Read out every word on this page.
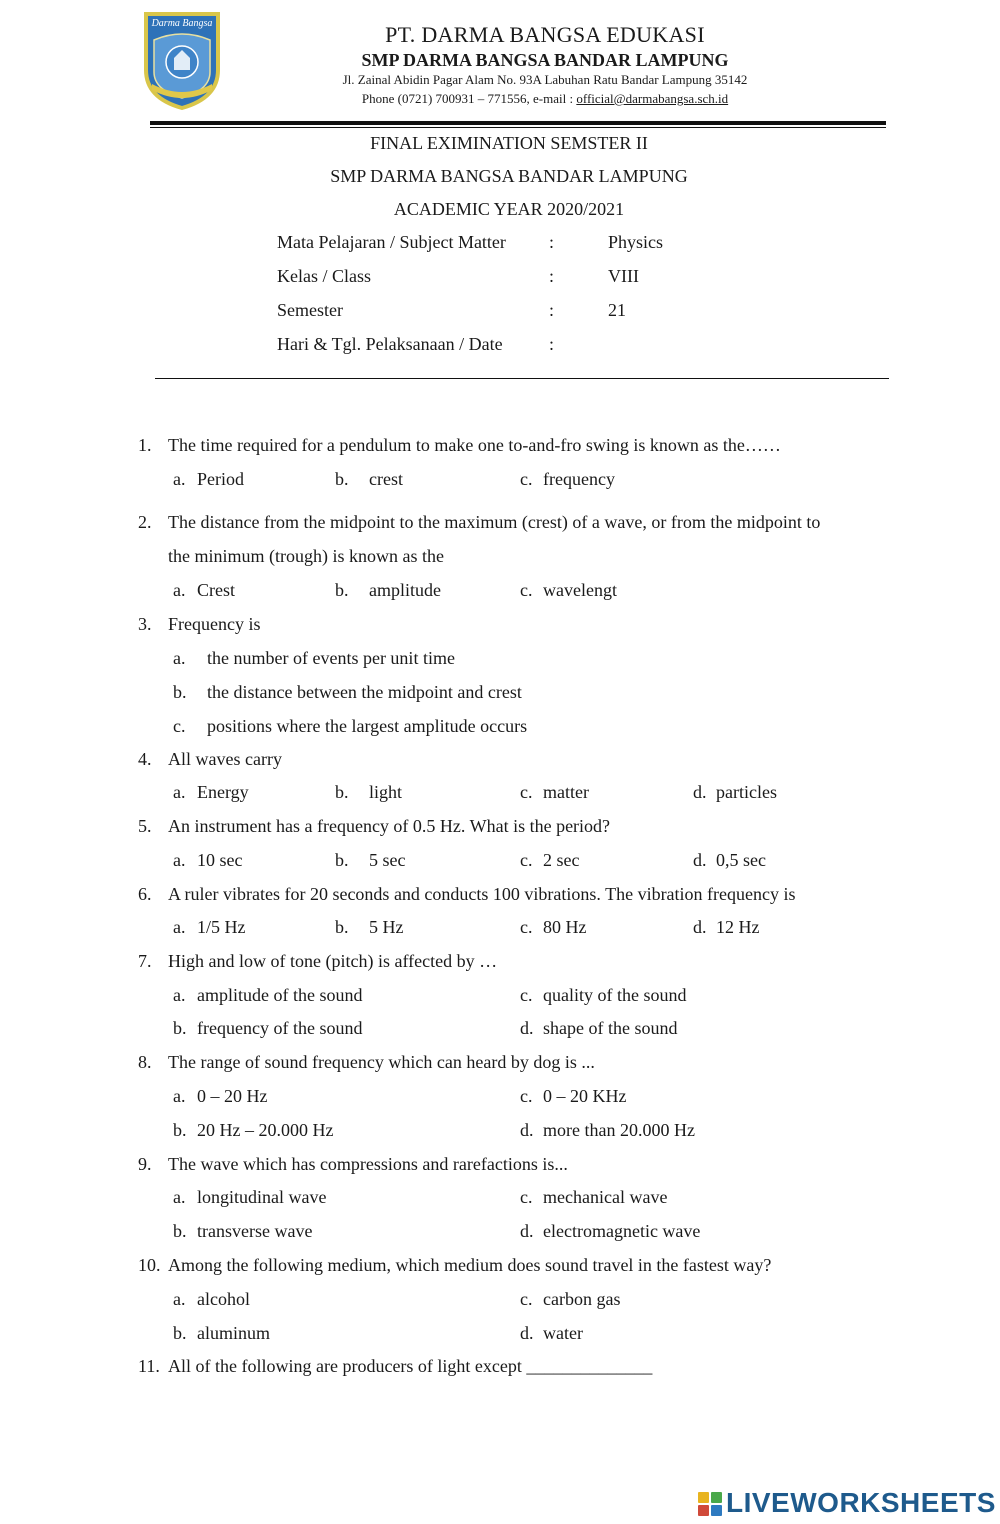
Darma Bangsa	PT. DARMA BANGSA EDUKASI
SMP DARMA BANGSA BANDAR LAMPUNG
Jl. Zainal Abidin Pagar Alam No. 93A Labuhan Ratu Bandar Lampung 35142
Phone (0721) 700931 – 771556, e-mail : official@darmabangsa.sch.id
FINAL EXIMINATION SEMSTER II
SMP DARMA BANGSA BANDAR LAMPUNG
ACADEMIC YEAR 2020/2021
Mata Pelajaran / Subject Matter :	Physics
Kelas / Class	:	VIII
Semester	:	21
Hari & Tgl. Pelaksanaan / Date	:
1. The time required for a pendulum to make one to-and-fro swing is known as the……
a. Period	b. crest	c. frequency
2. The distance from the midpoint to the maximum (crest) of a wave, or from the midpoint to
the minimum (trough) is known as the
a. Crest	b. amplitude	c. wavelengt
3. Frequency is
a. the number of events per unit time
b. the distance between the midpoint and crest
c. positions where the largest amplitude occurs
4. All waves carry
a. Energy	b. light	c. matter	d. particles
5. An instrument has a frequency of 0.5 Hz. What is the period?
a. 10 sec	b. 5 sec	c. 2 sec	d. 0,5 sec
6. A ruler vibrates for 20 seconds and conducts 100 vibrations. The vibration frequency is
a. 1/5 Hz	b. 5 Hz	c. 80 Hz	d. 12 Hz
7. High and low of tone (pitch) is affected by …
a. amplitude of the sound	c. quality of the sound
b. frequency of the sound	d. shape of the sound
8. The range of sound frequency which can heard by dog is ...
a. 0 – 20 Hz	c. 0 – 20 KHz
b. 20 Hz – 20.000 Hz	d. more than 20.000 Hz
9. The wave which has compressions and rarefactions is...
a. longitudinal wave	c. mechanical wave
b. transverse wave	d. electromagnetic wave
10. Among the following medium, which medium does sound travel in the fastest way?
a. alcohol	c. carbon gas
b. aluminum	d. water
11. All of the following are producers of light except ______________
LIVEWORKSHEETS
